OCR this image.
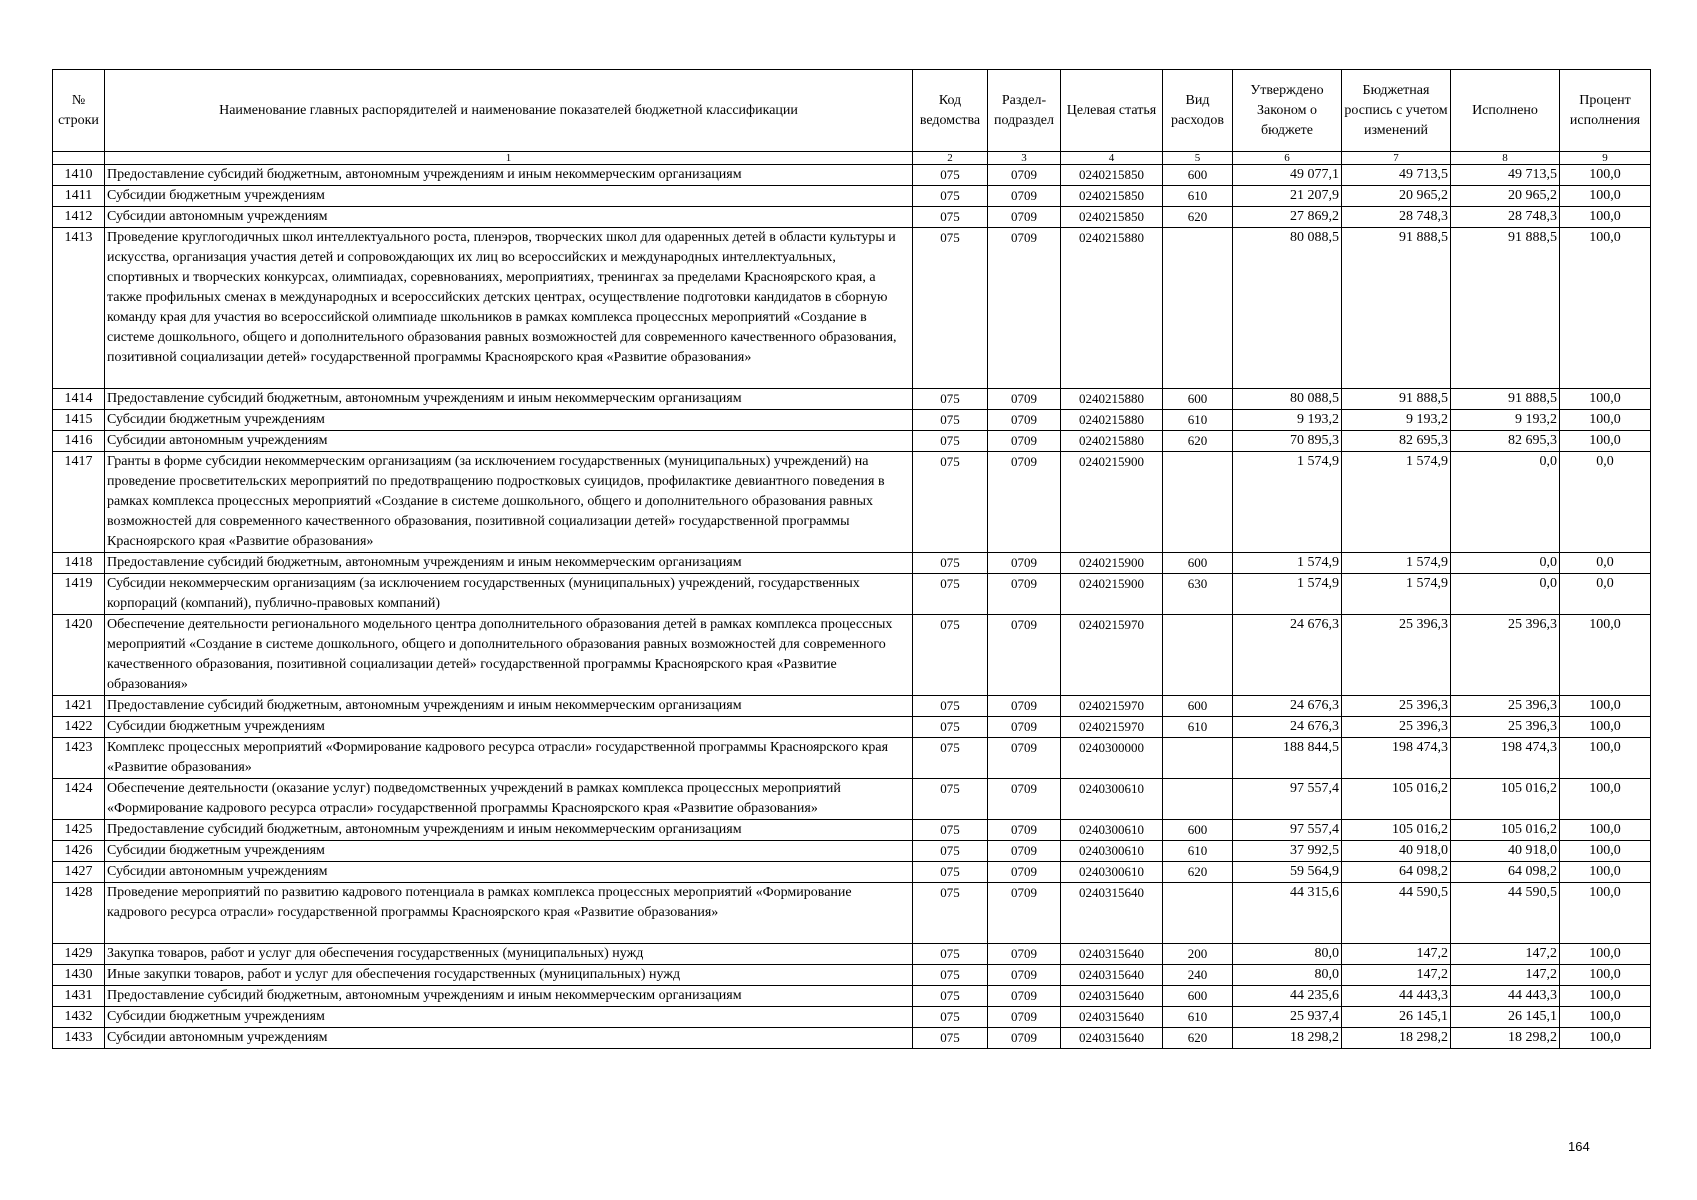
№ строки	Наименование главных распорядителей и наименование показателей бюджетной классификации	Код ведомства	Раздел-подраздел	Целевая статья	Вид расходов	Утверждено Законом о бюджете	Бюджетная роспись с учетом изменений	Исполнено	Процент исполнения
	1	2	3	4	5	6	7	8	9
1410	Предоставление субсидий бюджетным, автономным учреждениям и иным некоммерческим организациям	075	0709	0240215850	600	49 077,1	49 713,5	49 713,5	100,0
1411	Субсидии бюджетным учреждениям	075	0709	0240215850	610	21 207,9	20 965,2	20 965,2	100,0
1412	Субсидии автономным учреждениям	075	0709	0240215850	620	27 869,2	28 748,3	28 748,3	100,0
1413	Проведение круглогодичных школ интеллектуального роста, пленэров, творческих школ для одаренных детей в области культуры и искусства, организация участия детей и сопровождающих их лиц во всероссийских и международных интеллектуальных, спортивных и творческих конкурсах, олимпиадах, соревнованиях, мероприятиях, тренингах за пределами Красноярского края, а также профильных сменах в международных и всероссийских детских центрах, осуществление подготовки кандидатов в сборную команду края для участия во всероссийской олимпиаде школьников в рамках комплекса процессных мероприятий «Создание в системе дошкольного, общего и дополнительного образования равных возможностей для современного качественного образования, позитивной социализации детей» государственной программы Красноярского края «Развитие образования»	075	0709	0240215880		80 088,5	91 888,5	91 888,5	100,0
1414	Предоставление субсидий бюджетным, автономным учреждениям и иным некоммерческим организациям	075	0709	0240215880	600	80 088,5	91 888,5	91 888,5	100,0
1415	Субсидии бюджетным учреждениям	075	0709	0240215880	610	9 193,2	9 193,2	9 193,2	100,0
1416	Субсидии автономным учреждениям	075	0709	0240215880	620	70 895,3	82 695,3	82 695,3	100,0
1417	Гранты в форме субсидии некоммерческим организациям (за исключением государственных (муниципальных) учреждений) на проведение просветительских мероприятий по предотвращению подростковых суицидов, профилактике девиантного поведения в рамках комплекса процессных мероприятий «Создание в системе дошкольного, общего и дополнительного образования равных возможностей для современного качественного образования, позитивной социализации детей» государственной программы Красноярского края «Развитие образования»	075	0709	0240215900		1 574,9	1 574,9	0,0	0,0
1418	Предоставление субсидий бюджетным, автономным учреждениям и иным некоммерческим организациям	075	0709	0240215900	600	1 574,9	1 574,9	0,0	0,0
1419	Субсидии некоммерческим организациям (за исключением государственных (муниципальных) учреждений, государственных корпораций (компаний), публично-правовых компаний)	075	0709	0240215900	630	1 574,9	1 574,9	0,0	0,0
1420	Обеспечение деятельности регионального модельного центра дополнительного образования детей в рамках комплекса процессных мероприятий «Создание в системе дошкольного, общего и дополнительного образования равных возможностей для современного качественного образования, позитивной социализации детей» государственной программы Красноярского края «Развитие образования»	075	0709	0240215970		24 676,3	25 396,3	25 396,3	100,0
1421	Предоставление субсидий бюджетным, автономным учреждениям и иным некоммерческим организациям	075	0709	0240215970	600	24 676,3	25 396,3	25 396,3	100,0
1422	Субсидии бюджетным учреждениям	075	0709	0240215970	610	24 676,3	25 396,3	25 396,3	100,0
1423	Комплекс процессных мероприятий «Формирование кадрового ресурса отрасли» государственной программы Красноярского края «Развитие образования»	075	0709	0240300000		188 844,5	198 474,3	198 474,3	100,0
1424	Обеспечение деятельности (оказание услуг) подведомственных учреждений в рамках комплекса процессных мероприятий «Формирование кадрового ресурса отрасли» государственной программы Красноярского края «Развитие образования»	075	0709	0240300610		97 557,4	105 016,2	105 016,2	100,0
1425	Предоставление субсидий бюджетным, автономным учреждениям и иным некоммерческим организациям	075	0709	0240300610	600	97 557,4	105 016,2	105 016,2	100,0
1426	Субсидии бюджетным учреждениям	075	0709	0240300610	610	37 992,5	40 918,0	40 918,0	100,0
1427	Субсидии автономным учреждениям	075	0709	0240300610	620	59 564,9	64 098,2	64 098,2	100,0
1428	Проведение мероприятий по развитию кадрового потенциала в рамках комплекса процессных мероприятий «Формирование кадрового ресурса отрасли» государственной программы Красноярского края «Развитие образования»	075	0709	0240315640		44 315,6	44 590,5	44 590,5	100,0
1429	Закупка товаров, работ и услуг для обеспечения государственных (муниципальных) нужд	075	0709	0240315640	200	80,0	147,2	147,2	100,0
1430	Иные закупки товаров, работ и услуг для обеспечения государственных (муниципальных) нужд	075	0709	0240315640	240	80,0	147,2	147,2	100,0
1431	Предоставление субсидий бюджетным, автономным учреждениям и иным некоммерческим организациям	075	0709	0240315640	600	44 235,6	44 443,3	44 443,3	100,0
1432	Субсидии бюджетным учреждениям	075	0709	0240315640	610	25 937,4	26 145,1	26 145,1	100,0
1433	Субсидии автономным учреждениям	075	0709	0240315640	620	18 298,2	18 298,2	18 298,2	100,0
164
